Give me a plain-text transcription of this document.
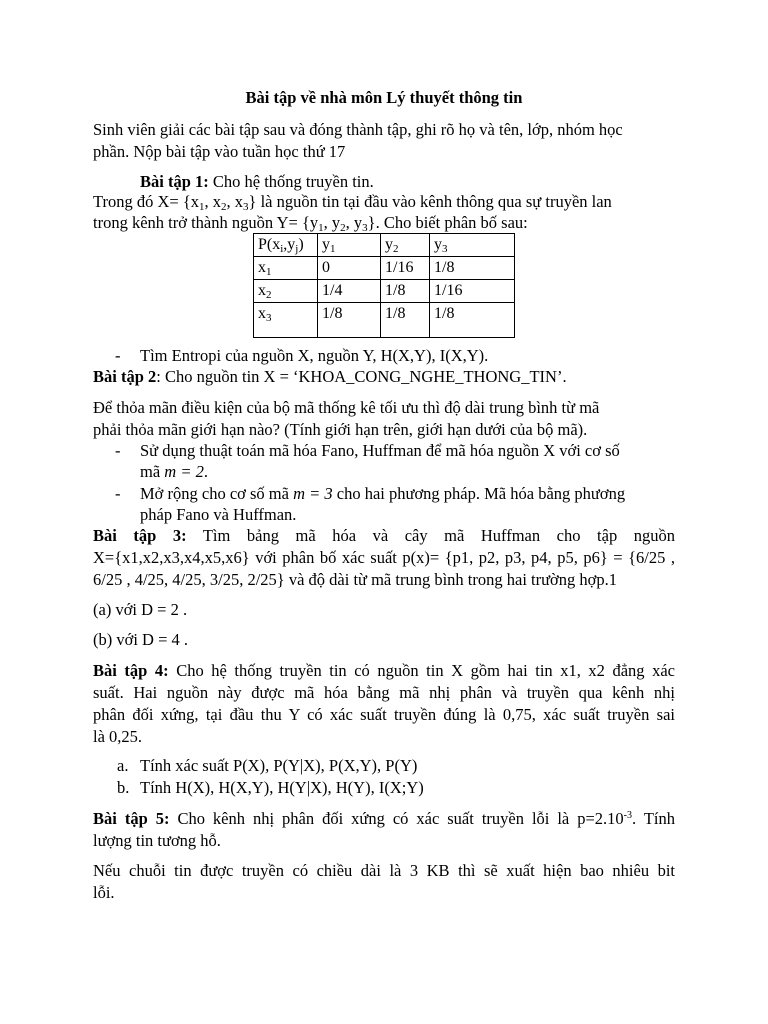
Bài tập về nhà môn Lý thuyết thông tin
Sinh viên giải các bài tập sau và đóng thành tập, ghi rõ họ và tên, lớp, nhóm học
phần. Nộp bài tập vào tuần học thứ 17
Bài tập 1: Cho hệ thống truyền tin.
Trong đó $X= \{x_1$, $x_2$, $x_3$} là nguồn tin tại đầu vào kênh thông qua sự truyền lan
trong kênh trở thành nguồn $Y= \{y_1$, $y_2$, $y_3$}. Cho biết phân bố sau:
$P(x_i,y_j)$	$y_1$	$y_2$	$y_3$
$x_1$	0	1/16	1/8
$x_2$	1/4	1/8	1/16
$x_3$	1/8	1/8	1/8
- Tìm Entropi của nguồn X, nguồn Y, H(X,Y), I(X,Y).
Bài tập 2: Cho nguồn tin X = ‘KHOA_CONG_NGHE_THONG_TIN’.
Để thỏa mãn điều kiện của bộ mã thống kê tối ưu thì độ dài trung bình từ mã
phải thỏa mãn giới hạn nào? (Tính giới hạn trên, giới hạn dưới của bộ mã).
- Sử dụng thuật toán mã hóa Fano, Huffman để mã hóa nguồn X với cơ số
mã m = 2.
- Mở rộng cho cơ số mã m = 3 cho hai phương pháp. Mã hóa bằng phương
pháp Fano và Huffman.
Bài tập 3: Tìm bảng mã hóa và cây mã Huffman cho tập nguồn
X={x1,x2,x3,x4,x5,x6} với phân bố xác suất p(x)= {p1, p2, p3, p4, p5, p6} = {6/25 ,
6/25 , 4/25, 4/25, 3/25, 2/25} và độ dài từ mã trung bình trong hai trường hợp.1
(a) với D = 2 .
(b) với D = 4 .
Bài tập 4: Cho hệ thống truyền tin có nguồn tin X gồm hai tin x1, x2 đẳng xác
suất. Hai nguồn này được mã hóa bằng mã nhị phân và truyền qua kênh nhị
phân đối xứng, tại đầu thu Y có xác suất truyền đúng là 0,75, xác suất truyền sai
là 0,25.
a. Tính xác suất P(X), P(Y|X), P(X,Y), P(Y)
b. Tính H(X), H(X,Y), H(Y|X), H(Y), I(X;Y)
Bài tập 5: Cho kênh nhị phân đối xứng có xác suất truyền lỗi là $p=2.10^{-3}$. Tính
lượng tin tương hỗ.
Nếu chuỗi tin được truyền có chiều dài là 3 KB thì sẽ xuất hiện bao nhiêu bit
lỗi.
